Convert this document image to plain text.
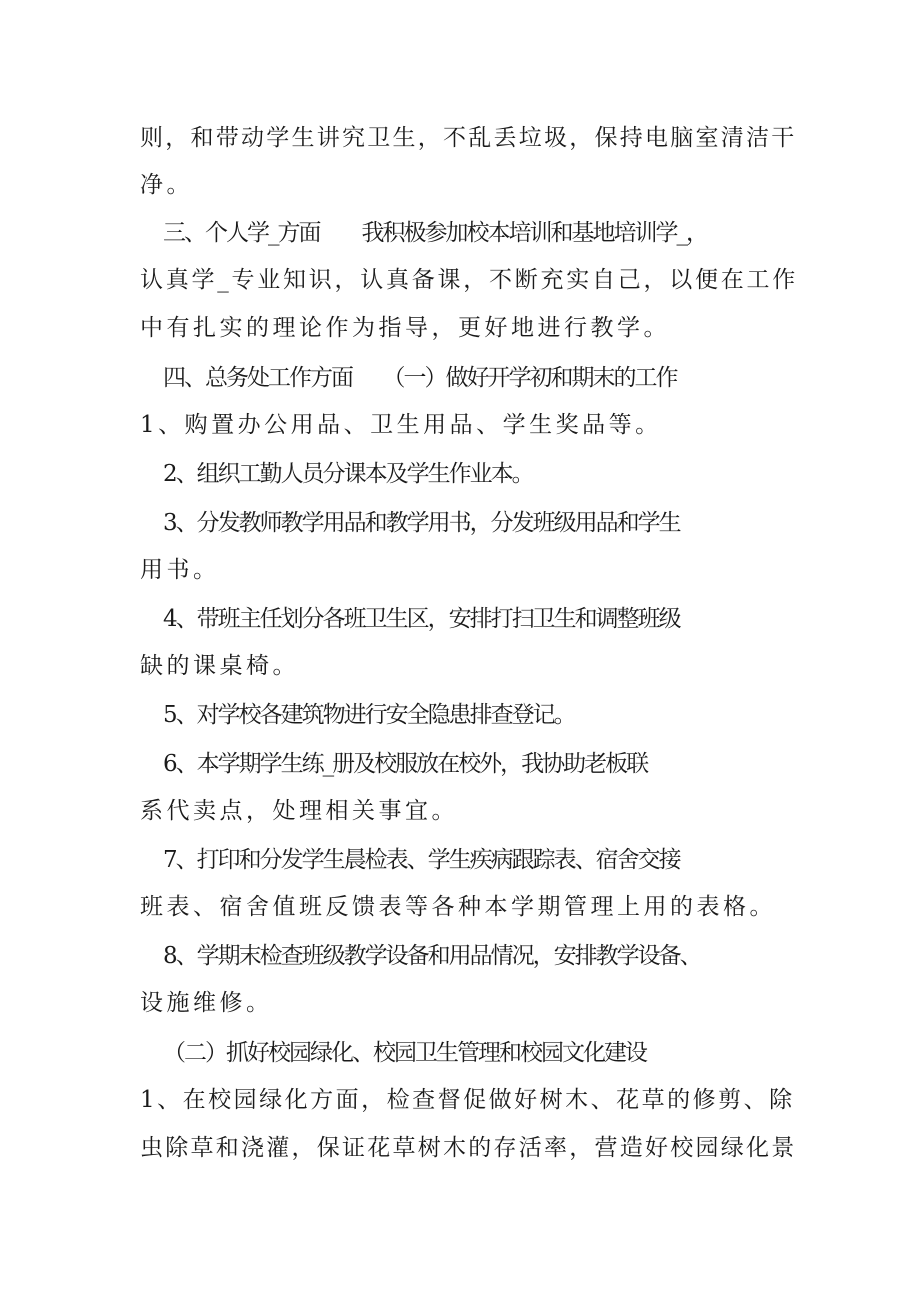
则，和带动学生讲究卫生，不乱丢垃圾，保持电脑室清洁干
净。
三、个人学_方面　　我积极参加校本培训和基地培训学_，
认真学_专业知识，认真备课，不断充实自己，以便在工作
中有扎实的理论作为指导，更好地进行教学。
四、总务处工作方面　　（一）做好开学初和期末的工作
1、购置办公用品、卫生用品、学生奖品等。
2、组织工勤人员分课本及学生作业本。
3、分发教师教学用品和教学用书，分发班级用品和学生
用书。
4、带班主任划分各班卫生区，安排打扫卫生和调整班级
缺的课桌椅。
5、对学校各建筑物进行安全隐患排查登记。
6、本学期学生练_册及校服放在校外，我协助老板联
系代卖点，处理相关事宜。
7、打印和分发学生晨检表、学生疾病跟踪表、宿舍交接
班表、宿舍值班反馈表等各种本学期管理上用的表格。
8、学期末检查班级教学设备和用品情况，安排教学设备、
设施维修。
（二）抓好校园绿化、校园卫生管理和校园文化建设
1、在校园绿化方面，检查督促做好树木、花草的修剪、除
虫除草和浇灌，保证花草树木的存活率，营造好校园绿化景
